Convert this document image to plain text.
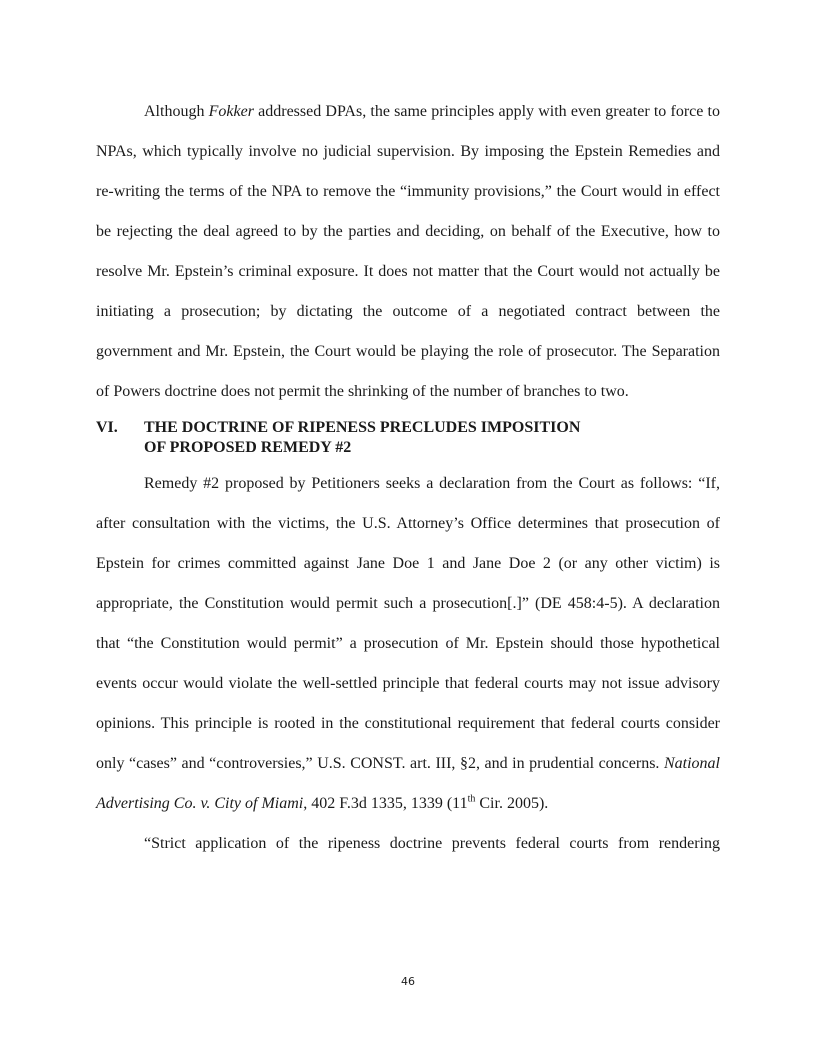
Although Fokker addressed DPAs, the same principles apply with even greater to force to NPAs, which typically involve no judicial supervision. By imposing the Epstein Remedies and re-writing the terms of the NPA to remove the “immunity provisions,” the Court would in effect be rejecting the deal agreed to by the parties and deciding, on behalf of the Executive, how to resolve Mr. Epstein’s criminal exposure. It does not matter that the Court would not actually be initiating a prosecution; by dictating the outcome of a negotiated contract between the government and Mr. Epstein, the Court would be playing the role of prosecutor. The Separation of Powers doctrine does not permit the shrinking of the number of branches to two.

VI.	THE DOCTRINE OF RIPENESS PRECLUDES IMPOSITION
OF PROPOSED REMEDY #2

Remedy #2 proposed by Petitioners seeks a declaration from the Court as follows: “If, after consultation with the victims, the U.S. Attorney’s Office determines that prosecution of Epstein for crimes committed against Jane Doe 1 and Jane Doe 2 (or any other victim) is appropriate, the Constitution would permit such a prosecution[.]” (DE 458:4-5). A declaration that “the Constitution would permit” a prosecution of Mr. Epstein should those hypothetical events occur would violate the well-settled principle that federal courts may not issue advisory opinions. This principle is rooted in the constitutional requirement that federal courts consider only “cases” and “controversies,” U.S. CONST. art. III, §2, and in prudential concerns. National Advertising Co. v. City of Miami, 402 F.3d 1335, 1339 (11th Cir. 2005).

“Strict application of the ripeness doctrine prevents federal courts from rendering

46
